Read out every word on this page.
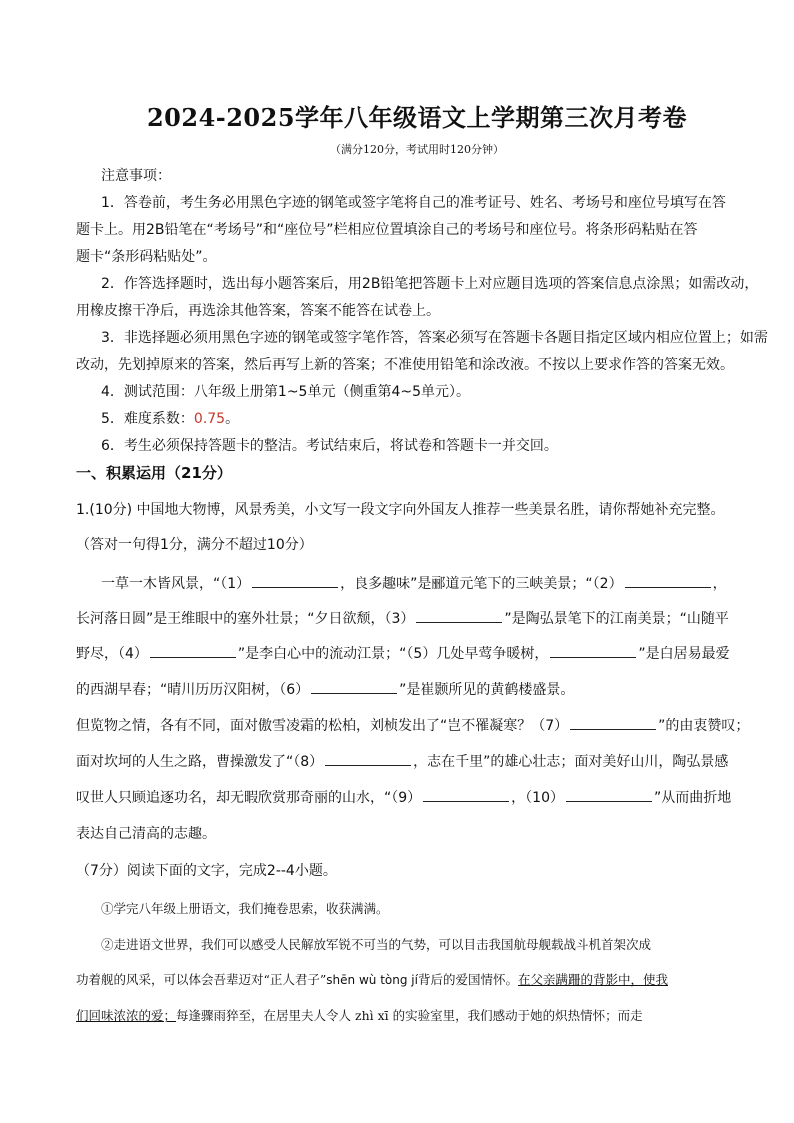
2024-2025学年八年级语文上学期第三次月考卷
（满分120分，考试用时120分钟）
注意事项：
1．答卷前，考生务必用黑色字迹的钢笔或签字笔将自己的准考证号、姓名、考场号和座位号填写在答
题卡上。用2B铅笔在“考场号”和“座位号”栏相应位置填涂自己的考场号和座位号。将条形码粘贴在答
题卡“条形码粘贴处”。
2．作答选择题时，选出每小题答案后，用2B铅笔把答题卡上对应题目选项的答案信息点涂黑；如需改动，
用橡皮擦干净后，再选涂其他答案，答案不能答在试卷上。
3．非选择题必须用黑色字迹的钢笔或签字笔作答，答案必须写在答题卡各题目指定区域内相应位置上；如需
改动，先划掉原来的答案，然后再写上新的答案；不准使用铅笔和涂改液。不按以上要求作答的答案无效。
4．测试范围：八年级上册第1~5单元（侧重第4~5单元）。
5．难度系数：0.75。
6．考生必须保持答题卡的整洁。考试结束后，将试卷和答题卡一并交回。
一、积累运用（21分）
1.(10分) 中国地大物博，风景秀美，小文写一段文字向外国友人推荐一些美景名胜，请你帮她补充完整。
（答对一句得1分，满分不超过10分）
一草一木皆风景，“（1）	，良多趣味”是郦道元笔下的三峡美景；“（2）	，
长河落日圆”是王维眼中的塞外壮景；“夕日欲颓，（3）	”是陶弘景笔下的江南美景；“山随平
野尽，（4）	”是李白心中的流动江景；“（5）几处早莺争暖树，	”是白居易最爱
的西湖早春；“晴川历历汉阳树，（6）	”是崔颢所见的黄鹤楼盛景。
但览物之情，各有不同，面对傲雪凌霜的松柏，刘桢发出了“岂不罹凝寒？（7）	”的由衷赞叹；
面对坎坷的人生之路，曹操激发了“（8）	，志在千里”的雄心壮志；面对美好山川，陶弘景感
叹世人只顾追逐功名，却无暇欣赏那奇丽的山水，“（9）	，（10）	”从而曲折地
表达自己清高的志趣。
（7分）阅读下面的文字，完成2--4小题。
①学完八年级上册语文，我们掩卷思索，收获满满。
②走进语文世界，我们可以感受人民解放军锐不可当的气势，可以目击我国航母舰载战斗机首架次成
功着舰的风采，可以体会吾辈迈对“正人君子”shēn wù tòng jí背后的爱国情怀。在父亲蹒跚的背影中，使我
们回味浓浓的爱；每逢骤雨猝至，在居里夫人令人 zhì xī 的实验室里，我们感动于她的炽热情怀；而走
